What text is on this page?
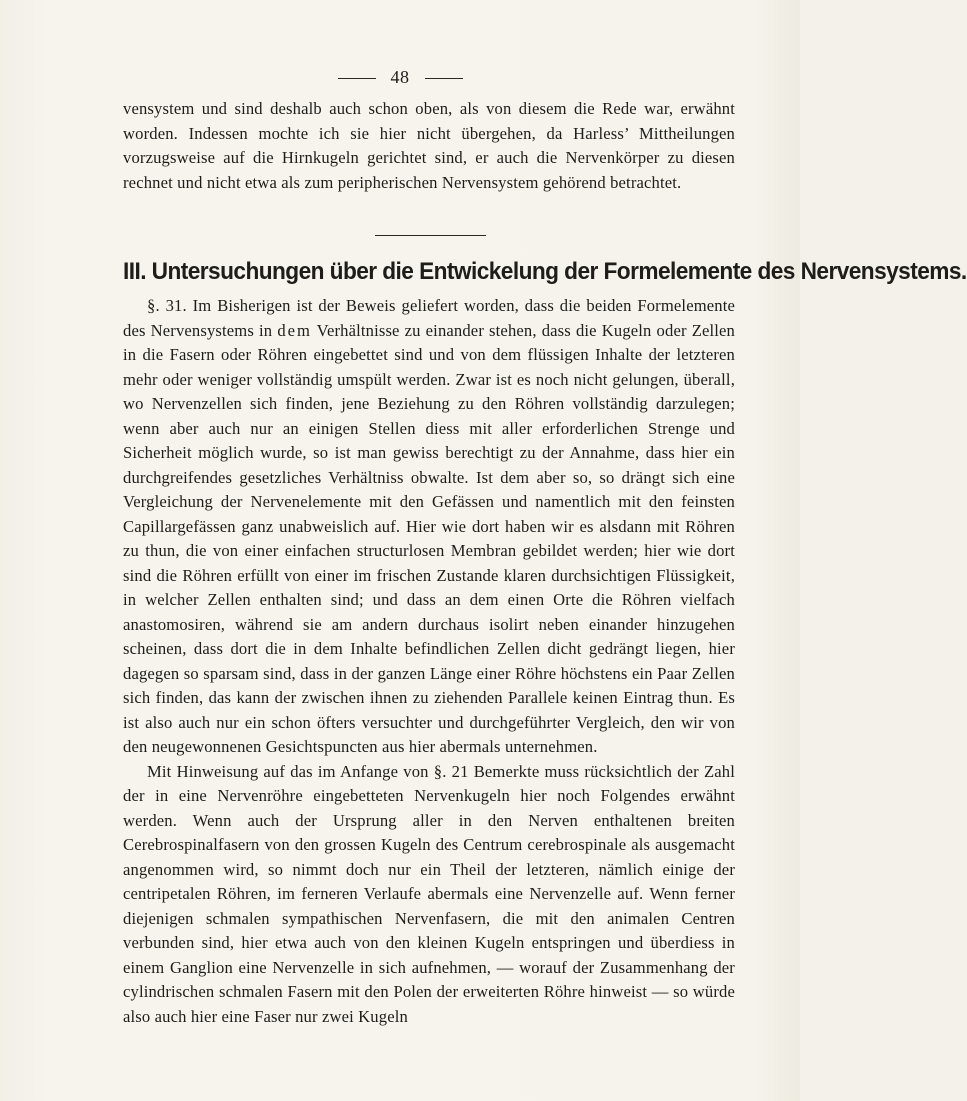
48

vensystem und sind deshalb auch schon oben, als von diesem die Rede war, erwähnt worden. Indessen mochte ich sie hier nicht übergehen, da Harless’ Mittheilungen vorzugsweise auf die Hirnkugeln gerichtet sind, er auch die Nervenkörper zu diesen rechnet und nicht etwa als zum peripherischen Nervensystem gehörend betrachtet.

III. Untersuchungen über die Entwickelung der Formelemente des Nervensystems.

§. 31. Im Bisherigen ist der Beweis geliefert worden, dass die beiden Formelemente des Nervensystems in dem Verhältnisse zu einander stehen, dass die Kugeln oder Zellen in die Fasern oder Röhren eingebettet sind und von dem flüssigen Inhalte der letzteren mehr oder weniger vollständig umspült werden. Zwar ist es noch nicht gelungen, überall, wo Nervenzellen sich finden, jene Beziehung zu den Röhren vollständig darzulegen; wenn aber auch nur an einigen Stellen diess mit aller erforderlichen Strenge und Sicherheit möglich wurde, so ist man gewiss berechtigt zu der Annahme, dass hier ein durchgreifendes gesetzliches Verhältniss obwalte. Ist dem aber so, so drängt sich eine Vergleichung der Nervenelemente mit den Gefässen und namentlich mit den feinsten Capillargefässen ganz unabweislich auf. Hier wie dort haben wir es alsdann mit Röhren zu thun, die von einer einfachen structurlosen Membran gebildet werden; hier wie dort sind die Röhren erfüllt von einer im frischen Zustande klaren durchsichtigen Flüssigkeit, in welcher Zellen enthalten sind; und dass an dem einen Orte die Röhren vielfach anastomosiren, während sie am andern durchaus isolirt neben einander hinzugehen scheinen, dass dort die in dem Inhalte befindlichen Zellen dicht gedrängt liegen, hier dagegen so sparsam sind, dass in der ganzen Länge einer Röhre höchstens ein Paar Zellen sich finden, das kann der zwischen ihnen zu ziehenden Parallele keinen Eintrag thun. Es ist also auch nur ein schon öfters versuchter und durchgeführter Vergleich, den wir von den neugewonnenen Gesichtspuncten aus hier abermals unternehmen.

Mit Hinweisung auf das im Anfange von §. 21 Bemerkte muss rücksichtlich der Zahl der in eine Nervenröhre eingebetteten Nervenkugeln hier noch Folgendes erwähnt werden. Wenn auch der Ursprung aller in den Nerven enthaltenen breiten Cerebrospinalfasern von den grossen Kugeln des Centrum cerebrospinale als ausgemacht angenommen wird, so nimmt doch nur ein Theil der letzteren, nämlich einige der centripetalen Röhren, im ferneren Verlaufe abermals eine Nervenzelle auf. Wenn ferner diejenigen schmalen sympathischen Nervenfasern, die mit den animalen Centren verbunden sind, hier etwa auch von den kleinen Kugeln entspringen und überdiess in einem Ganglion eine Nervenzelle in sich aufnehmen, — worauf der Zusammenhang der cylindrischen schmalen Fasern mit den Polen der erweiterten Röhre hinweist — so würde also auch hier eine Faser nur zwei Kugeln
